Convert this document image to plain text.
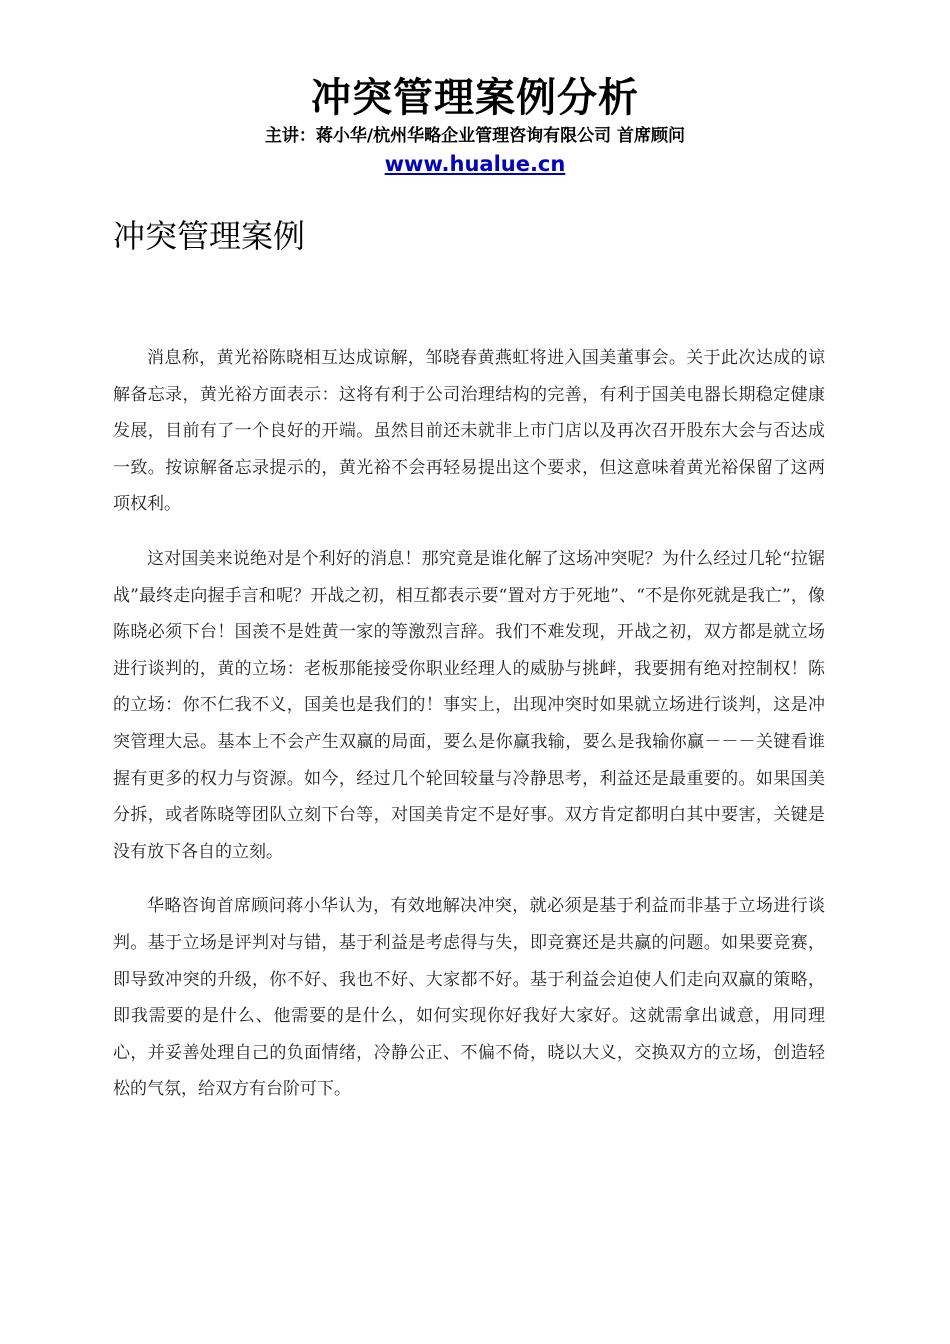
冲突管理案例分析

主讲：蒋小华/杭州华略企业管理咨询有限公司 首席顾问

www.hualue.cn
冲突管理案例

消息称，黄光裕陈晓相互达成谅解，邹晓春黄燕虹将进入国美董事会。关于此次达成的谅解备忘录，黄光裕方面表示：这将有利于公司治理结构的完善，有利于国美电器长期稳定健康发展，目前有了一个良好的开端。虽然目前还未就非上市门店以及再次召开股东大会与否达成一致。按谅解备忘录提示的，黄光裕不会再轻易提出这个要求，但这意味着黄光裕保留了这两项权利。

这对国美来说绝对是个利好的消息！那究竟是谁化解了这场冲突呢？为什么经过几轮“拉锯战”最终走向握手言和呢？开战之初，相互都表示要“置对方于死地”、“不是你死就是我亡”，像陈晓必须下台！国羡不是姓黄一家的等激烈言辞。我们不难发现，开战之初，双方都是就立场进行谈判的，黄的立场：老板那能接受你职业经理人的威胁与挑衅，我要拥有绝对控制权！陈的立场：你不仁我不义，国美也是我们的！事实上，出现冲突时如果就立场进行谈判，这是冲突管理大忌。基本上不会产生双赢的局面，要么是你赢我输，要么是我输你赢－－－关键看谁握有更多的权力与资源。如今，经过几个轮回较量与冷静思考，利益还是最重要的。如果国美分拆，或者陈晓等团队立刻下台等，对国美肯定不是好事。双方肯定都明白其中要害，关键是没有放下各自的立刻。

华略咨询首席顾问蒋小华认为，有效地解决冲突，就必须是基于利益而非基于立场进行谈判。基于立场是评判对与错，基于利益是考虑得与失，即竞赛还是共赢的问题。如果要竞赛，即导致冲突的升级，你不好、我也不好、大家都不好。基于利益会迫使人们走向双赢的策略，即我需要的是什么、他需要的是什么，如何实现你好我好大家好。这就需拿出诚意，用同理心，并妥善处理自己的负面情绪，冷静公正、不偏不倚，晓以大义，交换双方的立场，创造轻松的气氛，给双方有台阶可下。
